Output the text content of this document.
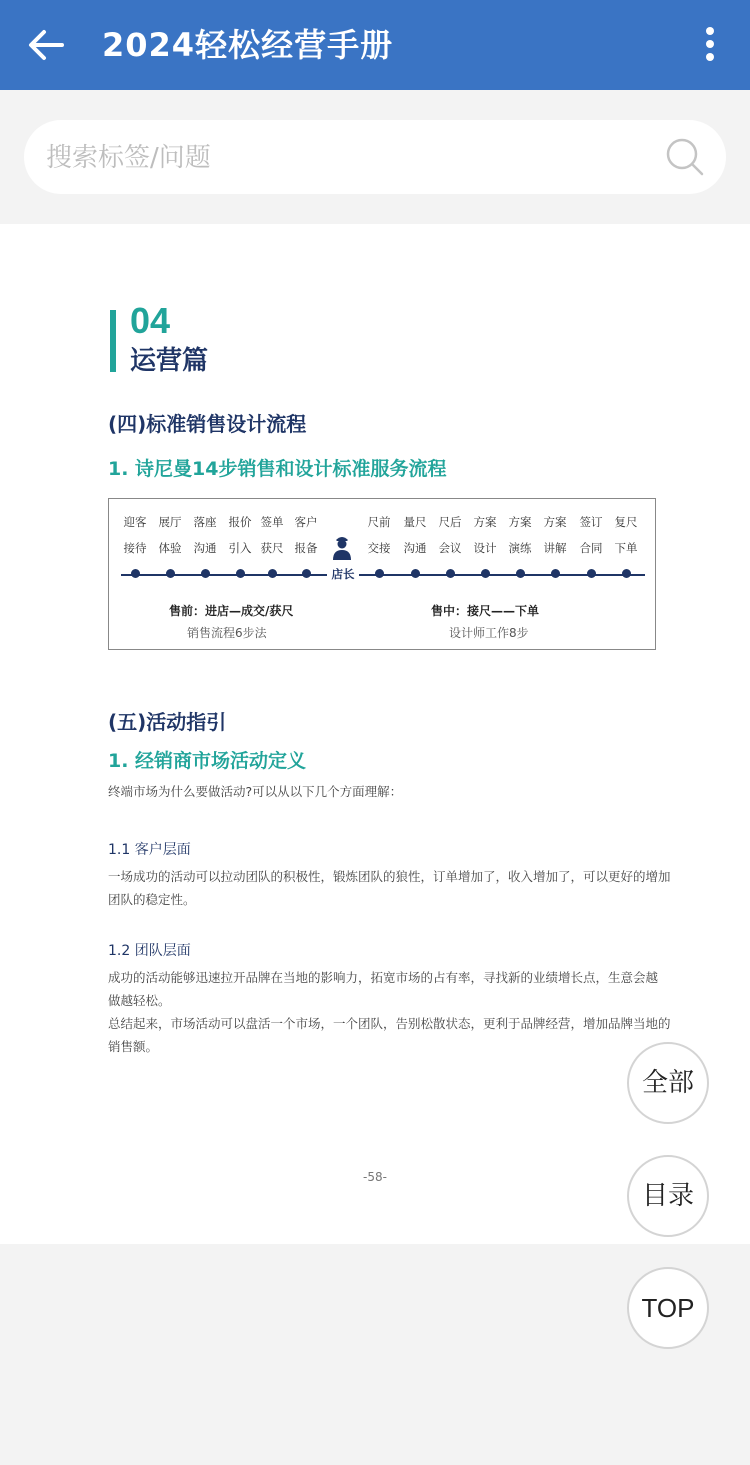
2024轻松经营手册
搜索标签/问题
04
运营篇
(四)标准销售设计流程
1. 诗尼曼14步销售和设计标准服务流程
迎客
接待
展厅
体验
落座
沟通
报价
引入
签单
获尺
客户
报备
店长
尺前
交接
量尺
沟通
尺后
会议
方案
设计
方案
演练
方案
讲解
签订
合同
复尺
下单
售前：进店—成交/获尺
销售流程6步法
售中：接尺——下单
设计师工作8步
(五)活动指引
1. 经销商市场活动定义
终端市场为什么要做活动?可以从以下几个方面理解：
1.1 客户层面
一场成功的活动可以拉动团队的积极性，锻炼团队的狼性，订单增加了，收入增加了，可以更好的增加
团队的稳定性。
1.2 团队层面
成功的活动能够迅速拉开品牌在当地的影响力，拓宽市场的占有率，寻找新的业绩增长点，生意会越
做越轻松。
总结起来，市场活动可以盘活一个市场，一个团队，告别松散状态，更利于品牌经营，增加品牌当地的
销售额。
-58-
全部
目录
TOP
